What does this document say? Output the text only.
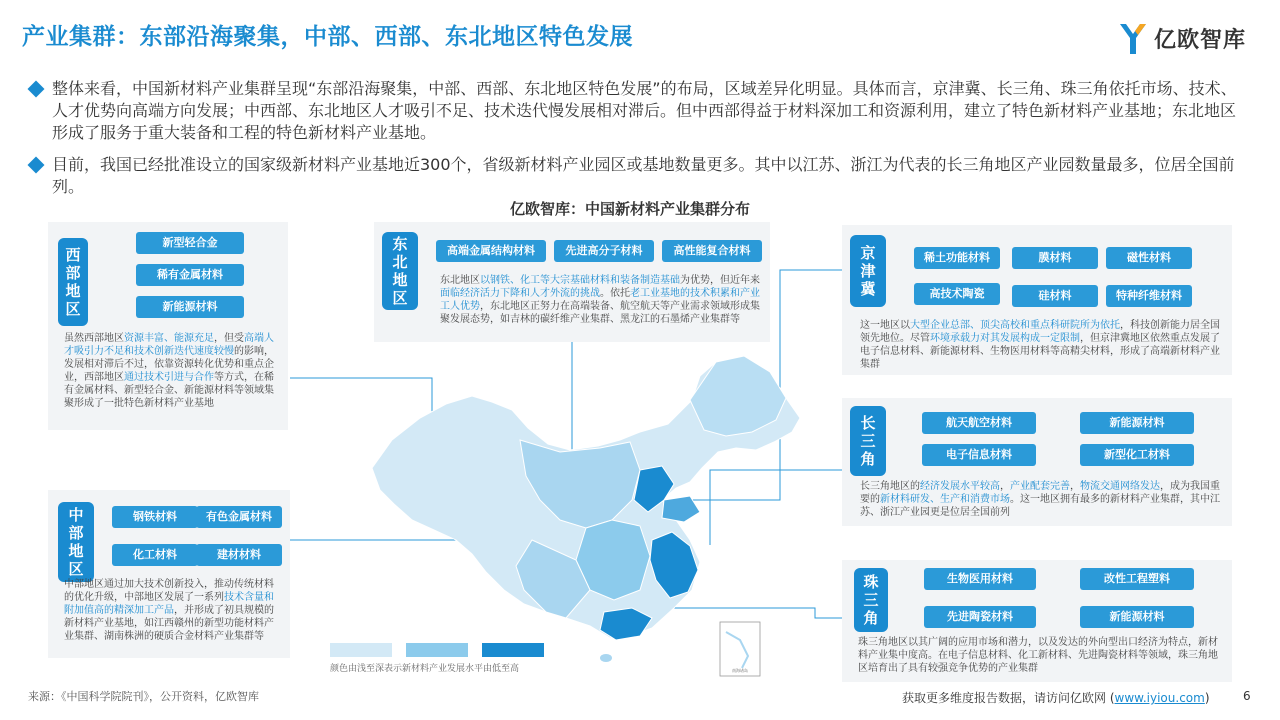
产业集群：东部沿海聚集，中部、西部、东北地区特色发展	亿欧智库
整体来看，中国新材料产业集群呈现“东部沿海聚集，中部、西部、东北地区特色发展”的布局，区域差异化明显。具体而言，京津冀、长三角、珠三角依托市场、技术、人才优势向高端方向发展；中西部、东北地区人才吸引不足、技术迭代慢发展相对滞后。但中西部得益于材料深加工和资源利用，建立了特色新材料产业基地；东北地区形成了服务于重大装备和工程的特色新材料产业基地。
目前，我国已经批准设立的国家级新材料产业基地近300个，省级新材料产业园区或基地数量更多。其中以江苏、浙江为代表的长三角地区产业园数量最多，位居全国前列。
亿欧智库：中国新材料产业集群分布
南海诸岛
西部地区
新型轻合金
稀有金属材料
新能源材料
虽然西部地区资源丰富、能源充足，但受高端人才吸引力不足和技术创新迭代速度较慢的影响，发展相对滞后不过，依靠资源转化优势和重点企业，西部地区通过技术引进与合作等方式，在稀有金属材料、新型轻合金、新能源材料等领域集聚形成了一批特色新材料产业基地
东北地区
高端金属结构材料	先进高分子材料	高性能复合材料
东北地区以钢铁、化工等大宗基础材料和装备制造基础为优势，但近年来面临经济活力下降和人才外流的挑战。依托老工业基地的技术积累和产业工人优势，东北地区正努力在高端装备、航空航天等产业需求领域形成集聚发展态势，如吉林的碳纤维产业集群、黑龙江的石墨烯产业集群等
京津冀
稀土功能材料	膜材料	磁性材料
高技术陶瓷	硅材料	特种纤维材料
这一地区以大型企业总部、顶尖高校和重点科研院所为依托，科技创新能力居全国领先地位。尽管环境承载力对其发展构成一定限制，但京津冀地区依然重点发展了电子信息材料、新能源材料、生物医用材料等高精尖材料，形成了高端新材料产业集群
中部地区
钢铁材料	有色金属材料
化工材料	建材材料
中部地区通过加大技术创新投入，推动传统材料的优化升级，中部地区发展了一系列技术含量和附加值高的精深加工产品，并形成了初具规模的新材料产业基地，如江西赣州的新型功能材料产业集群、湖南株洲的硬质合金材料产业集群等
长三角
航天航空材料	新能源材料
电子信息材料	新型化工材料
长三角地区的经济发展水平较高，产业配套完善，物流交通网络发达，成为我国重要的新材料研发、生产和消费市场。这一地区拥有最多的新材料产业集群，其中江苏、浙江产业园更是位居全国前列
珠三角
生物医用材料	改性工程塑料
先进陶瓷材料	新能源材料
珠三角地区以其广阔的应用市场和潜力，以及发达的外向型出口经济为特点，新材料产业集中度高。在电子信息材料、化工新材料、先进陶瓷材料等领域，珠三角地区培育出了具有较强竞争优势的产业集群
颜色由浅至深表示新材料产业发展水平由低至高
来源：《中国科学院院刊》，公开资料，亿欧智库	获取更多维度报告数据，请访问亿欧网 (www.iyiou.com)	6
